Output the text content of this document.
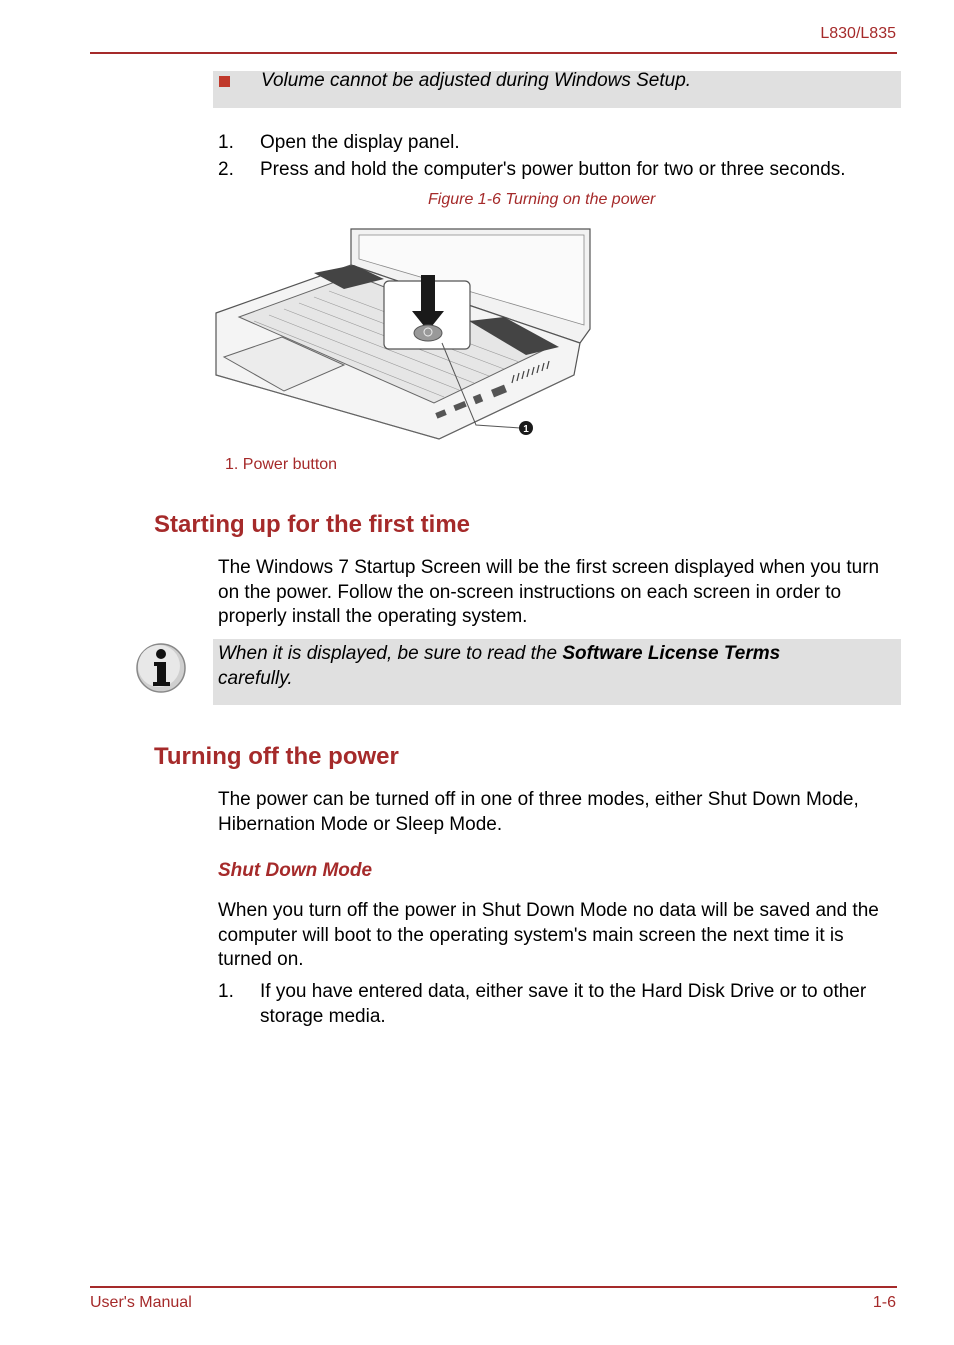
L830/L835
Volume cannot be adjusted during Windows Setup.
1.	Open the display panel.
2.	Press and hold the computer's power button for two or three seconds.
Figure 1-6 Turning on the power
1
1. Power button
Starting up for the first time
The Windows 7 Startup Screen will be the first screen displayed when you turn on the power. Follow the on-screen instructions on each screen in order to properly install the operating system.
When it is displayed, be sure to read the Software License Terms
carefully.
Turning off the power
The power can be turned off in one of three modes, either Shut Down Mode, Hibernation Mode or Sleep Mode.
Shut Down Mode
When you turn off the power in Shut Down Mode no data will be saved and the computer will boot to the operating system's main screen the next time it is turned on.
1.	If you have entered data, either save it to the Hard Disk Drive or to other storage media.
User's Manual	1-6
